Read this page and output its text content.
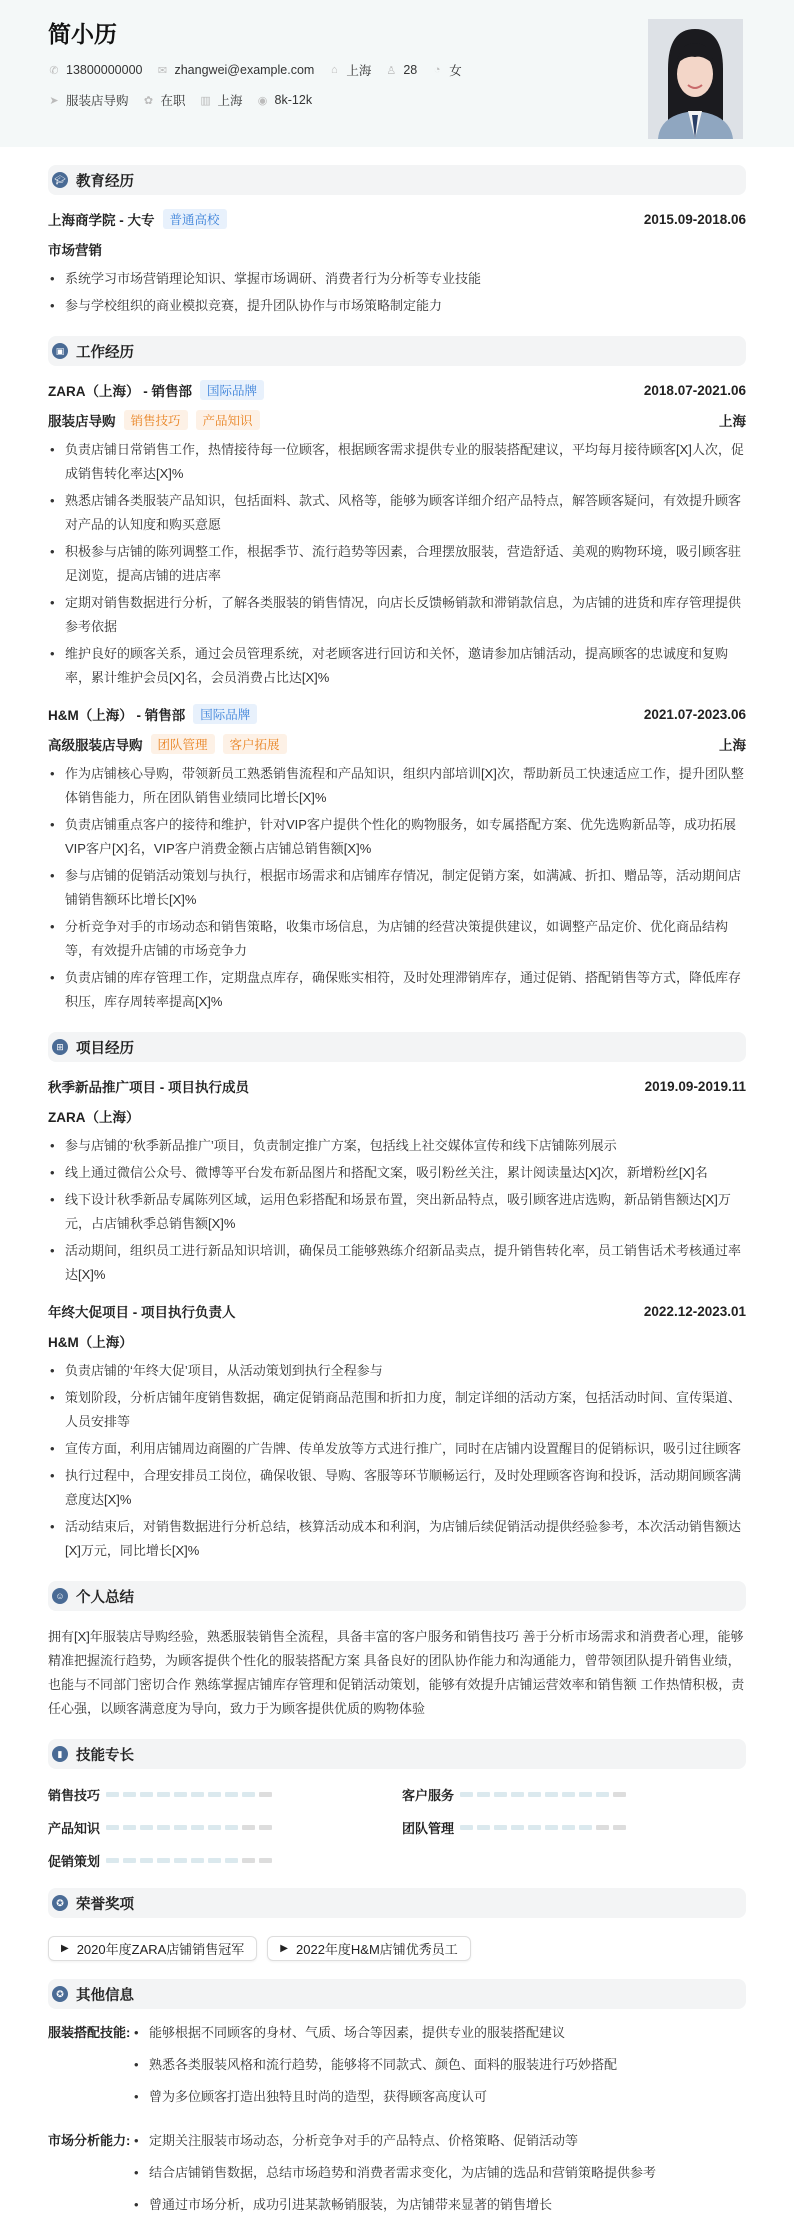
简小历
✆ 13800000000 ✉ zhangwei@example.com ⌂ 上海 ♙ 28 ◔ 女
➤ 服装店导购 ✿ 在职 ▥ 上海 ◉ 8k-12k
🎓︎ 教育经历
上海商学院 - 大专	普通高校	2015.09-2018.06
市场营销
• 系统学习市场营销理论知识、掌握市场调研、消费者行为分析等专业技能
• 参与学校组织的商业模拟竞赛，提升团队协作与市场策略制定能力
▣ 工作经历
ZARA（上海） - 销售部	国际品牌	2018.07-2021.06
服装店导购	销售技巧	产品知识	上海
• 负责店铺日常销售工作，热情接待每一位顾客，根据顾客需求提供专业的服装搭配建议，平均每月接待顾客[X]人次，促成销售转化率达[X]%
• 熟悉店铺各类服装产品知识，包括面料、款式、风格等，能够为顾客详细介绍产品特点，解答顾客疑问，有效提升顾客对产品的认知度和购买意愿
• 积极参与店铺的陈列调整工作，根据季节、流行趋势等因素，合理摆放服装，营造舒适、美观的购物环境，吸引顾客驻足浏览，提高店铺的进店率
• 定期对销售数据进行分析，了解各类服装的销售情况，向店长反馈畅销款和滞销款信息，为店铺的进货和库存管理提供参考依据
• 维护良好的顾客关系，通过会员管理系统，对老顾客进行回访和关怀，邀请参加店铺活动，提高顾客的忠诚度和复购率，累计维护会员[X]名，会员消费占比达[X]%
H&M（上海） - 销售部	国际品牌	2021.07-2023.06
高级服装店导购	团队管理	客户拓展	上海
• 作为店铺核心导购，带领新员工熟悉销售流程和产品知识，组织内部培训[X]次，帮助新员工快速适应工作，提升团队整体销售能力，所在团队销售业绩同比增长[X]%
• 负责店铺重点客户的接待和维护，针对VIP客户提供个性化的购物服务，如专属搭配方案、优先选购新品等，成功拓展VIP客户[X]名，VIP客户消费金额占店铺总销售额[X]%
• 参与店铺的促销活动策划与执行，根据市场需求和店铺库存情况，制定促销方案，如满减、折扣、赠品等，活动期间店铺销售额环比增长[X]%
• 分析竞争对手的市场动态和销售策略，收集市场信息，为店铺的经营决策提供建议，如调整产品定价、优化商品结构等，有效提升店铺的市场竞争力
• 负责店铺的库存管理工作，定期盘点库存，确保账实相符，及时处理滞销库存，通过促销、搭配销售等方式，降低库存积压，库存周转率提高[X]%
⊞ 项目经历
秋季新品推广项目 - 项目执行成员	2019.09-2019.11
ZARA（上海）
• 参与店铺的‘秋季新品推广’项目，负责制定推广方案，包括线上社交媒体宣传和线下店铺陈列展示
• 线上通过微信公众号、微博等平台发布新品图片和搭配文案，吸引粉丝关注，累计阅读量达[X]次，新增粉丝[X]名
• 线下设计秋季新品专属陈列区域，运用色彩搭配和场景布置，突出新品特点，吸引顾客进店选购，新品销售额达[X]万元，占店铺秋季总销售额[X]%
• 活动期间，组织员工进行新品知识培训，确保员工能够熟练介绍新品卖点，提升销售转化率，员工销售话术考核通过率达[X]%
年终大促项目 - 项目执行负责人	2022.12-2023.01
H&M（上海）
• 负责店铺的‘年终大促’项目，从活动策划到执行全程参与
• 策划阶段，分析店铺年度销售数据，确定促销商品范围和折扣力度，制定详细的活动方案，包括活动时间、宣传渠道、人员安排等
• 宣传方面，利用店铺周边商圈的广告牌、传单发放等方式进行推广，同时在店铺内设置醒目的促销标识，吸引过往顾客
• 执行过程中，合理安排员工岗位，确保收银、导购、客服等环节顺畅运行，及时处理顾客咨询和投诉，活动期间顾客满意度达[X]%
• 活动结束后，对销售数据进行分析总结，核算活动成本和利润，为店铺后续促销活动提供经验参考，本次活动销售额达[X]万元，同比增长[X]%
☺ 个人总结
拥有[X]年服装店导购经验，熟悉服装销售全流程，具备丰富的客户服务和销售技巧 善于分析市场需求和消费者心理，能够精准把握流行趋势，为顾客提供个性化的服装搭配方案 具备良好的团队协作能力和沟通能力，曾带领团队提升销售业绩，也能与不同部门密切合作 熟练掌握店铺库存管理和促销活动策划，能够有效提升店铺运营效率和销售额 工作热情积极，责任心强，以顾客满意度为导向，致力于为顾客提供优质的购物体验
▮ 技能专长
销售技巧	客户服务
产品知识	团队管理
促销策划
✪ 荣誉奖项
▶ 2020年度ZARA店铺销售冠军	▶ 2022年度H&M店铺优秀员工
✪ 其他信息
服装搭配技能:	• 能够根据不同顾客的身材、气质、场合等因素，提供专业的服装搭配建议
• 熟悉各类服装风格和流行趋势，能够将不同款式、颜色、面料的服装进行巧妙搭配
• 曾为多位顾客打造出独特且时尚的造型，获得顾客高度认可
市场分析能力:	• 定期关注服装市场动态，分析竞争对手的产品特点、价格策略、促销活动等
• 结合店铺销售数据，总结市场趋势和消费者需求变化，为店铺的选品和营销策略提供参考
• 曾通过市场分析，成功引进某款畅销服装，为店铺带来显著的销售增长
